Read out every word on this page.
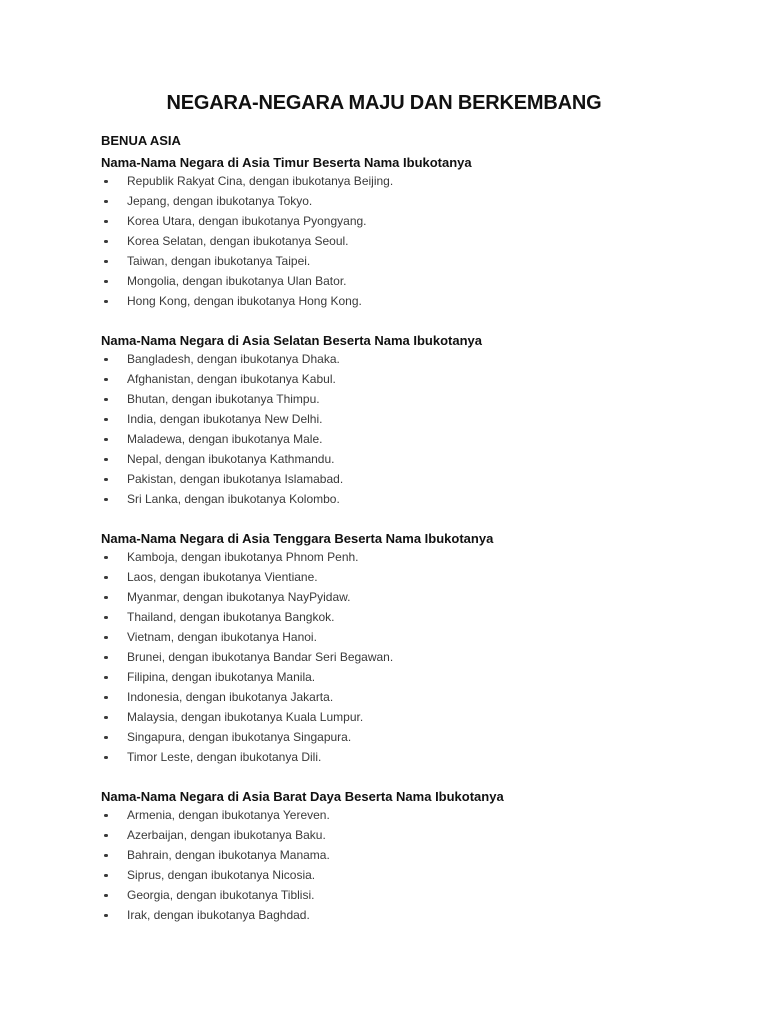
NEGARA-NEGARA MAJU DAN BERKEMBANG
BENUA ASIA
Nama-Nama Negara di Asia Timur Beserta Nama Ibukotanya
Republik Rakyat Cina, dengan ibukotanya Beijing.
Jepang, dengan ibukotanya Tokyo.
Korea Utara, dengan ibukotanya Pyongyang.
Korea Selatan, dengan ibukotanya Seoul.
Taiwan, dengan ibukotanya Taipei.
Mongolia, dengan ibukotanya Ulan Bator.
Hong Kong, dengan ibukotanya Hong Kong.
Nama-Nama Negara di Asia Selatan Beserta Nama Ibukotanya
Bangladesh, dengan ibukotanya Dhaka.
Afghanistan, dengan ibukotanya Kabul.
Bhutan, dengan ibukotanya Thimpu.
India, dengan ibukotanya New Delhi.
Maladewa, dengan ibukotanya Male.
Nepal, dengan ibukotanya Kathmandu.
Pakistan, dengan ibukotanya Islamabad.
Sri Lanka, dengan ibukotanya Kolombo.
Nama-Nama Negara di Asia Tenggara Beserta Nama Ibukotanya
Kamboja, dengan ibukotanya Phnom Penh.
Laos, dengan ibukotanya Vientiane.
Myanmar, dengan ibukotanya NayPyidaw.
Thailand, dengan ibukotanya Bangkok.
Vietnam, dengan ibukotanya Hanoi.
Brunei, dengan ibukotanya Bandar Seri Begawan.
Filipina, dengan ibukotanya Manila.
Indonesia, dengan ibukotanya Jakarta.
Malaysia, dengan ibukotanya Kuala Lumpur.
Singapura, dengan ibukotanya Singapura.
Timor Leste, dengan ibukotanya Dili.
Nama-Nama Negara di Asia Barat Daya Beserta Nama Ibukotanya
Armenia, dengan ibukotanya Yereven.
Azerbaijan, dengan ibukotanya Baku.
Bahrain, dengan ibukotanya Manama.
Siprus, dengan ibukotanya Nicosia.
Georgia, dengan ibukotanya Tiblisi.
Irak, dengan ibukotanya Baghdad.
